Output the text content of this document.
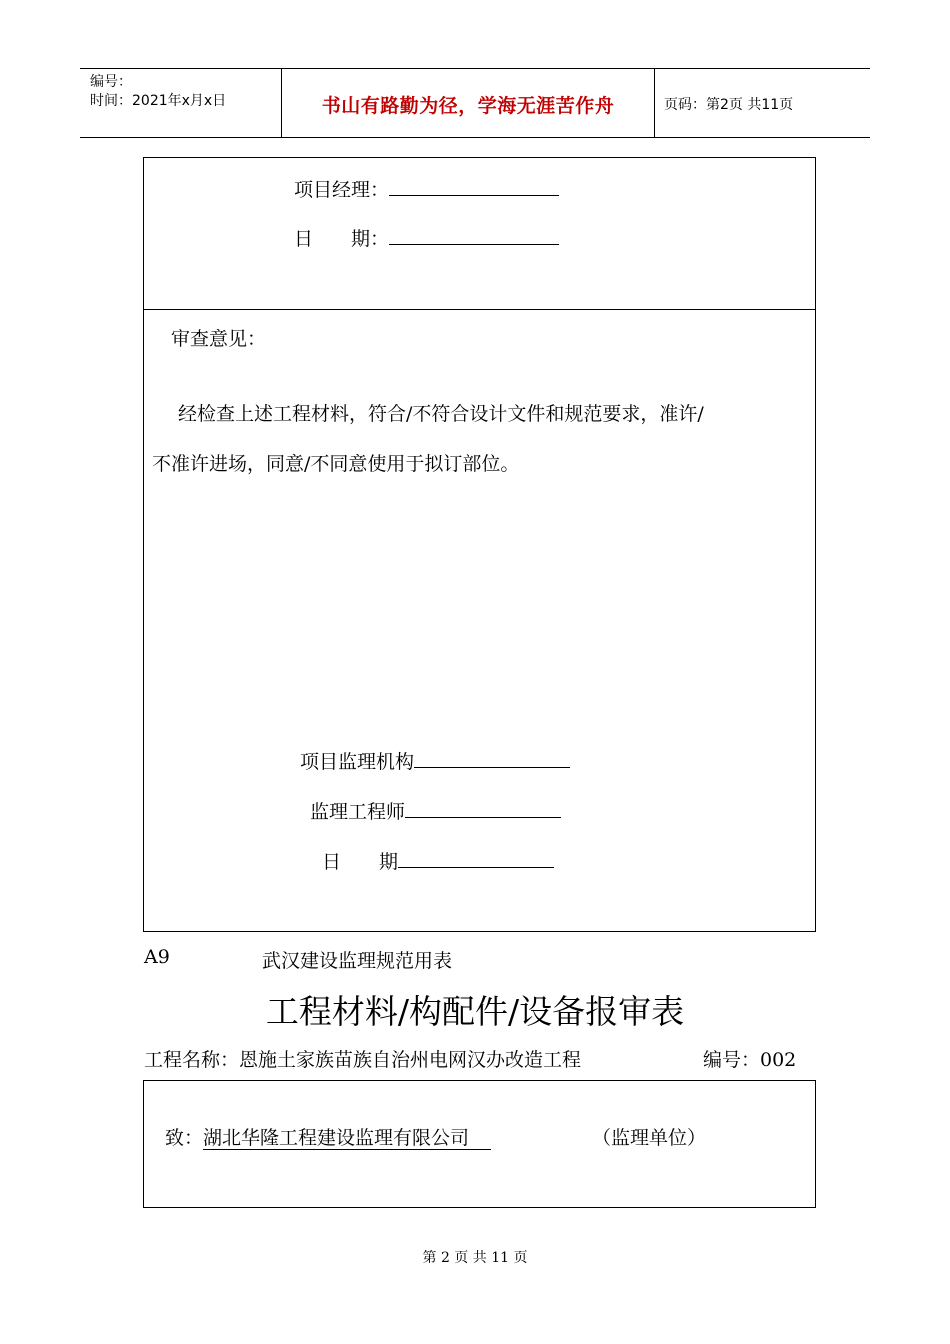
编号：
时间：2021年x月x日	书山有路勤为径，学海无涯苦作舟	页码：第2页 共11页
项目经理：
日　　期：
审查意见：
经检查上述工程材料，符合/不符合设计文件和规范要求，准许/
不准许进场，同意/不同意使用于拟订部位。
项目监理机构
监理工程师
日　　期
A9	武汉建设监理规范用表
工程材料/构配件/设备报审表
工程名称：恩施土家族苗族自治州电网汉办改造工程	编号：002
致：湖北华隆工程建设监理有限公司	（监理单位）
第 2 页 共 11 页
